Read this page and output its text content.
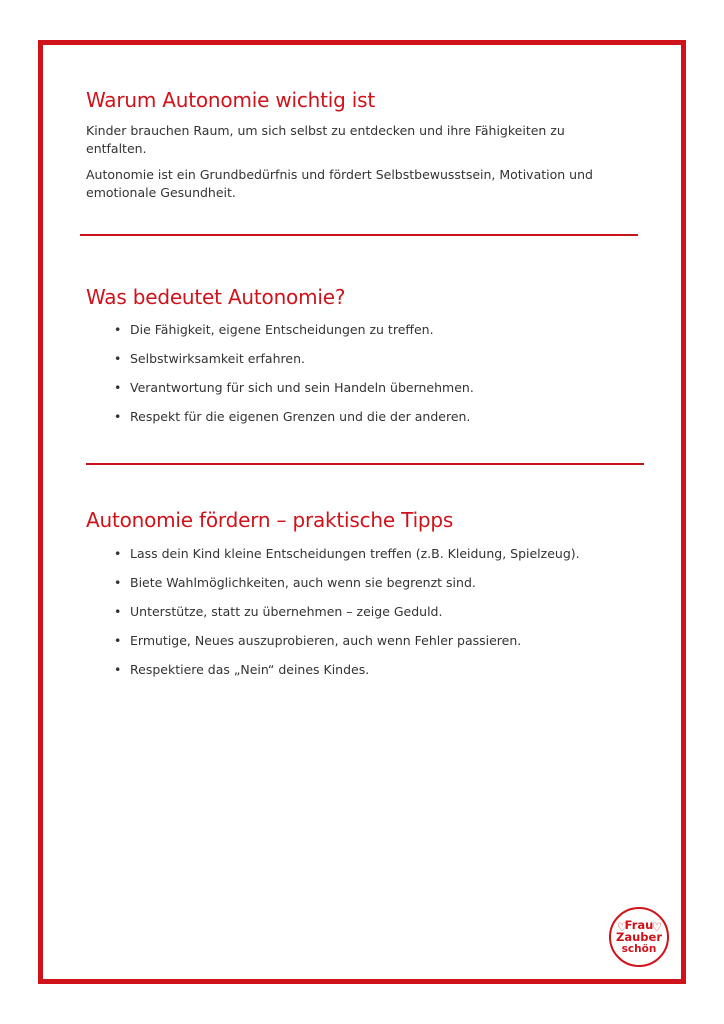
Warum Autonomie wichtig ist

Kinder brauchen Raum, um sich selbst zu entdecken und ihre Fähigkeiten zu entfalten.

Autonomie ist ein Grundbedürfnis und fördert Selbstbewusstsein, Motivation und emotionale Gesundheit.

Was bedeutet Autonomie?
• Die Fähigkeit, eigene Entscheidungen zu treffen.
• Selbstwirksamkeit erfahren.
• Verantwortung für sich und sein Handeln übernehmen.
• Respekt für die eigenen Grenzen und die der anderen.
Autonomie fördern – praktische Tipps
• Lass dein Kind kleine Entscheidungen treffen (z.B. Kleidung, Spielzeug).
• Biete Wahlmöglichkeiten, auch wenn sie begrenzt sind.
• Unterstütze, statt zu übernehmen – zeige Geduld.
• Ermutige, Neues auszuprobieren, auch wenn Fehler passieren.
• Respektiere das „Nein“ deines Kindes.
♡ ♡
Frau
Zauber
schön
